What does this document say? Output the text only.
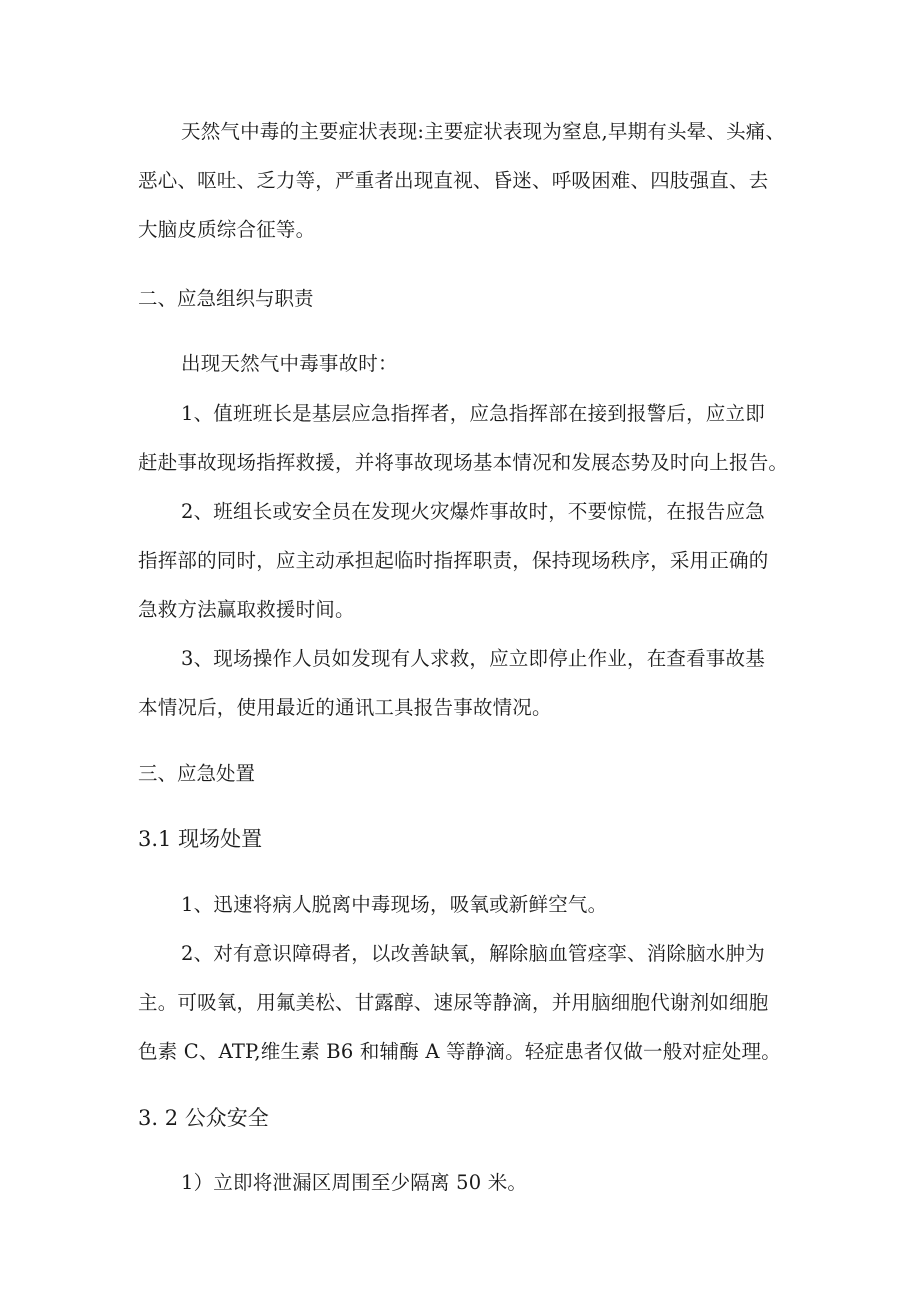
天然气中毒的主要症状表现:主要症状表现为窒息,早期有头晕、头痛、
恶心、呕吐、乏力等，严重者出现直视、昏迷、呼吸困难、四肢强直、去
大脑皮质综合征等。
二、应急组织与职责
出现天然气中毒事故时：
1、值班班长是基层应急指挥者，应急指挥部在接到报警后，应立即
赶赴事故现场指挥救援，并将事故现场基本情况和发展态势及时向上报告。
2、班组长或安全员在发现火灾爆炸事故时，不要惊慌，在报告应急
指挥部的同时，应主动承担起临时指挥职责，保持现场秩序，采用正确的
急救方法赢取救援时间。
3、现场操作人员如发现有人求救，应立即停止作业，在查看事故基
本情况后，使用最近的通讯工具报告事故情况。
三、应急处置
3.1 现场处置
1、迅速将病人脱离中毒现场，吸氧或新鲜空气。
2、对有意识障碍者，以改善缺氧，解除脑血管痉挛、消除脑水肿为
主。可吸氧，用氟美松、甘露醇、速尿等静滴，并用脑细胞代谢剂如细胞
色素 C、ATP,维生素 B6 和辅酶 A 等静滴。轻症患者仅做一般对症处理。
3. 2 公众安全
1）立即将泄漏区周围至少隔离 50 米。
